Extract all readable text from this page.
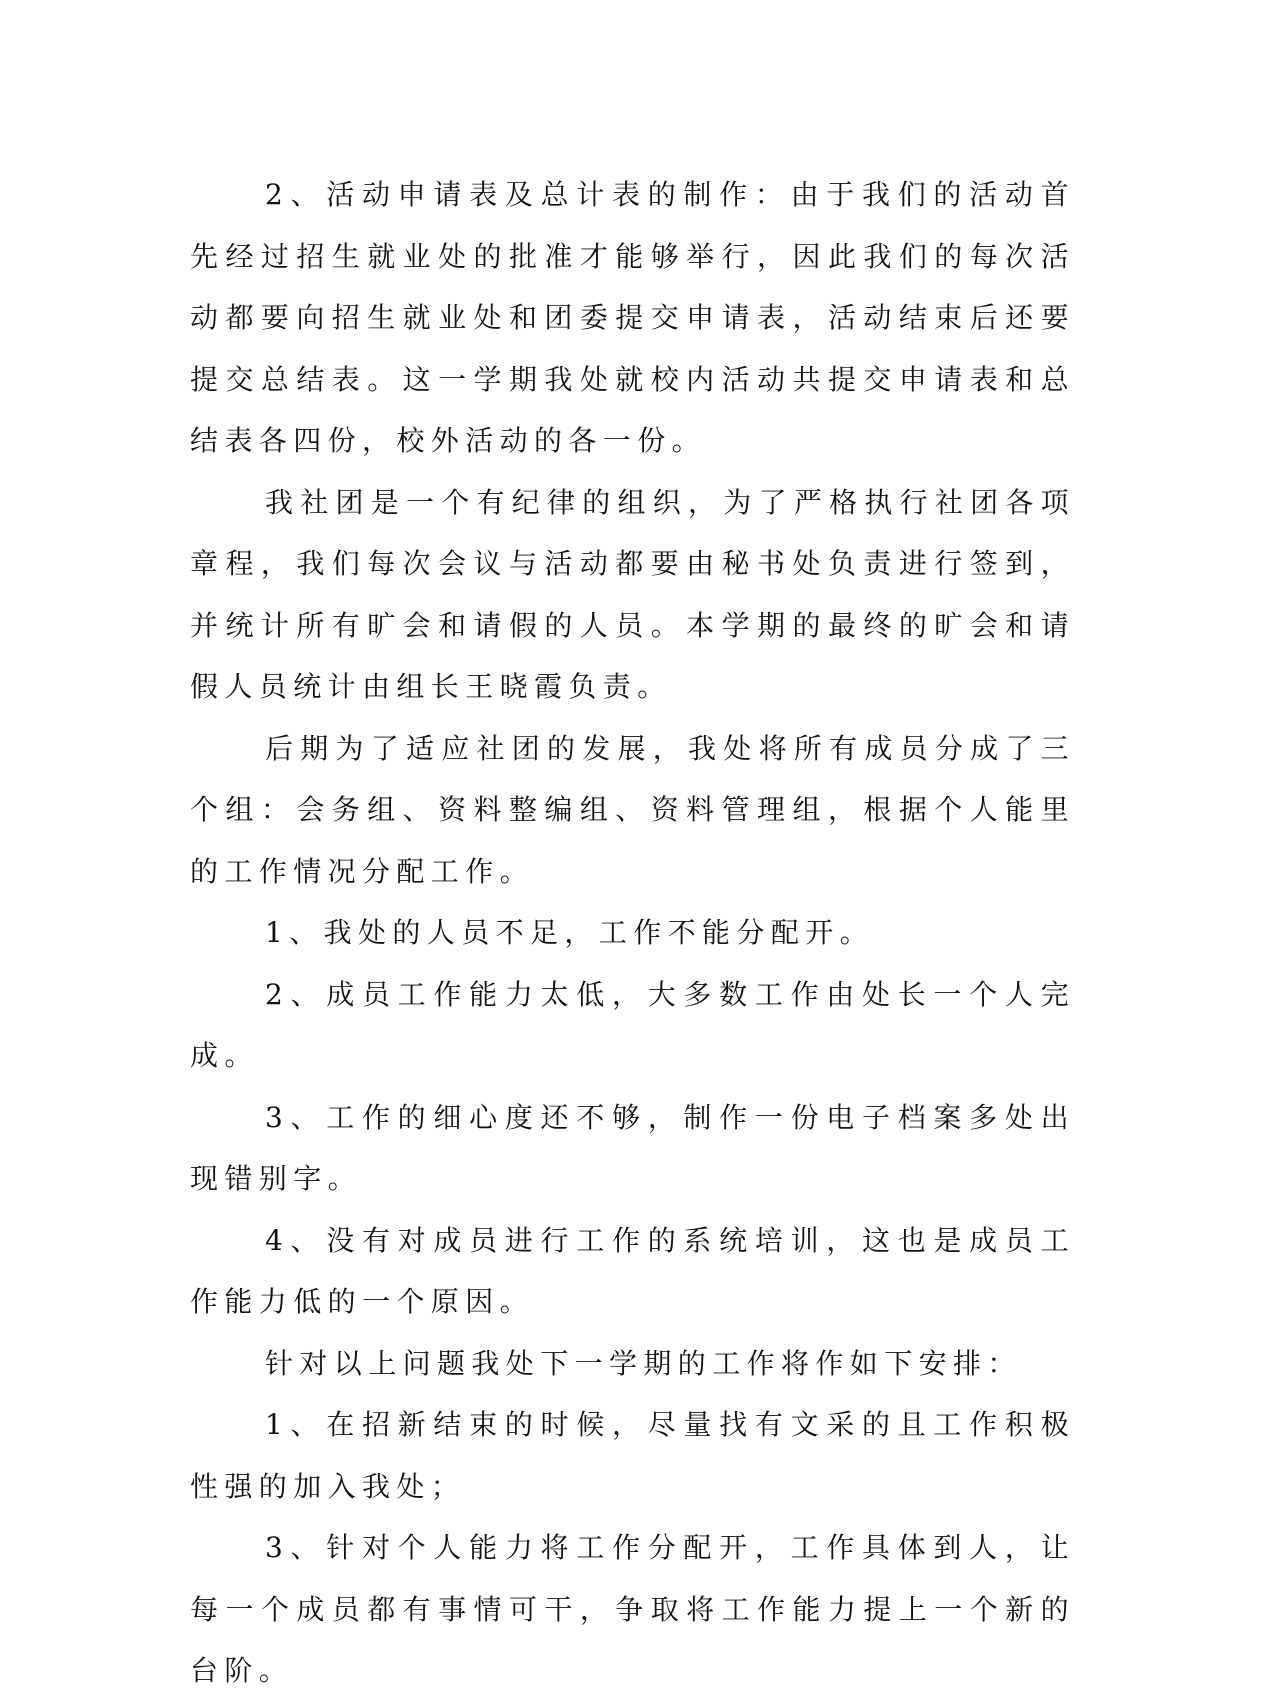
2、活动申请表及总计表的制作：由于我们的活动首先经过招生就业处的批准才能够举行，因此我们的每次活动都要向招生就业处和团委提交申请表，活动结束后还要提交总结表。这一学期我处就校内活动共提交申请表和总结表各四份，校外活动的各一份。

我社团是一个有纪律的组织，为了严格执行社团各项章程，我们每次会议与活动都要由秘书处负责进行签到，并统计所有旷会和请假的人员。本学期的最终的旷会和请假人员统计由组长王晓霞负责。

后期为了适应社团的发展，我处将所有成员分成了三个组：会务组、资料整编组、资料管理组，根据个人能里的工作情况分配工作。

1、我处的人员不足，工作不能分配开。

2、成员工作能力太低，大多数工作由处长一个人完成。

3、工作的细心度还不够，制作一份电子档案多处出现错别字。

4、没有对成员进行工作的系统培训，这也是成员工作能力低的一个原因。

针对以上问题我处下一学期的工作将作如下安排：

1、在招新结束的时候，尽量找有文采的且工作积极性强的加入我处；

3、针对个人能力将工作分配开，工作具体到人，让每一个成员都有事情可干，争取将工作能力提上一个新的台阶。
